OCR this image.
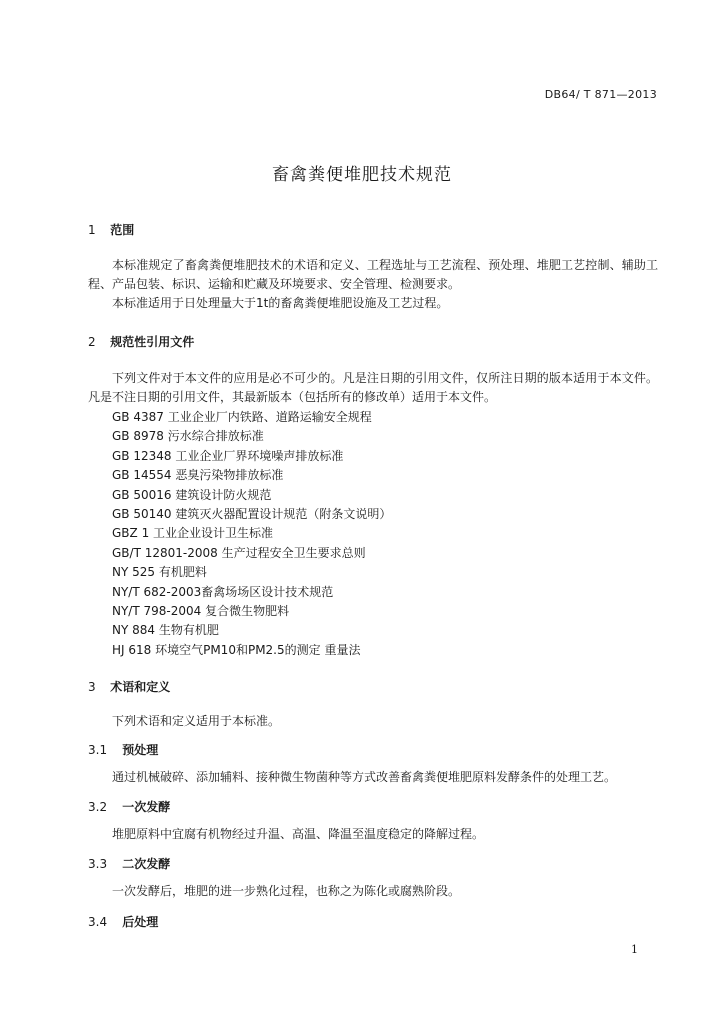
DB64/ T 871—2013
畜禽粪便堆肥技术规范
1 范围
本标准规定了畜禽粪便堆肥技术的术语和定义、工程选址与工艺流程、预处理、堆肥工艺控制、辅助工程、产品包装、标识、运输和贮藏及环境要求、安全管理、检测要求。
本标准适用于日处理量大于1t的畜禽粪便堆肥设施及工艺过程。
2 规范性引用文件
下列文件对于本文件的应用是必不可少的。凡是注日期的引用文件，仅所注日期的版本适用于本文件。凡是不注日期的引用文件，其最新版本（包括所有的修改单）适用于本文件。
GB 4387 工业企业厂内铁路、道路运输安全规程
GB 8978 污水综合排放标准
GB 12348 工业企业厂界环境噪声排放标准
GB 14554 恶臭污染物排放标准
GB 50016 建筑设计防火规范
GB 50140 建筑灭火器配置设计规范（附条文说明）
GBZ 1 工业企业设计卫生标准
GB/T 12801-2008 生产过程安全卫生要求总则
NY 525 有机肥料
NY/T 682-2003畜禽场场区设计技术规范
NY/T 798-2004 复合微生物肥料
NY 884 生物有机肥
HJ 618 环境空气PM10和PM2.5的测定 重量法
3 术语和定义
下列术语和定义适用于本标准。
3.1 预处理
通过机械破碎、添加辅料、接种微生物菌种等方式改善畜禽粪便堆肥原料发酵条件的处理工艺。
3.2 一次发酵
堆肥原料中宜腐有机物经过升温、高温、降温至温度稳定的降解过程。
3.3 二次发酵
一次发酵后，堆肥的进一步熟化过程，也称之为陈化或腐熟阶段。
3.4 后处理
1
